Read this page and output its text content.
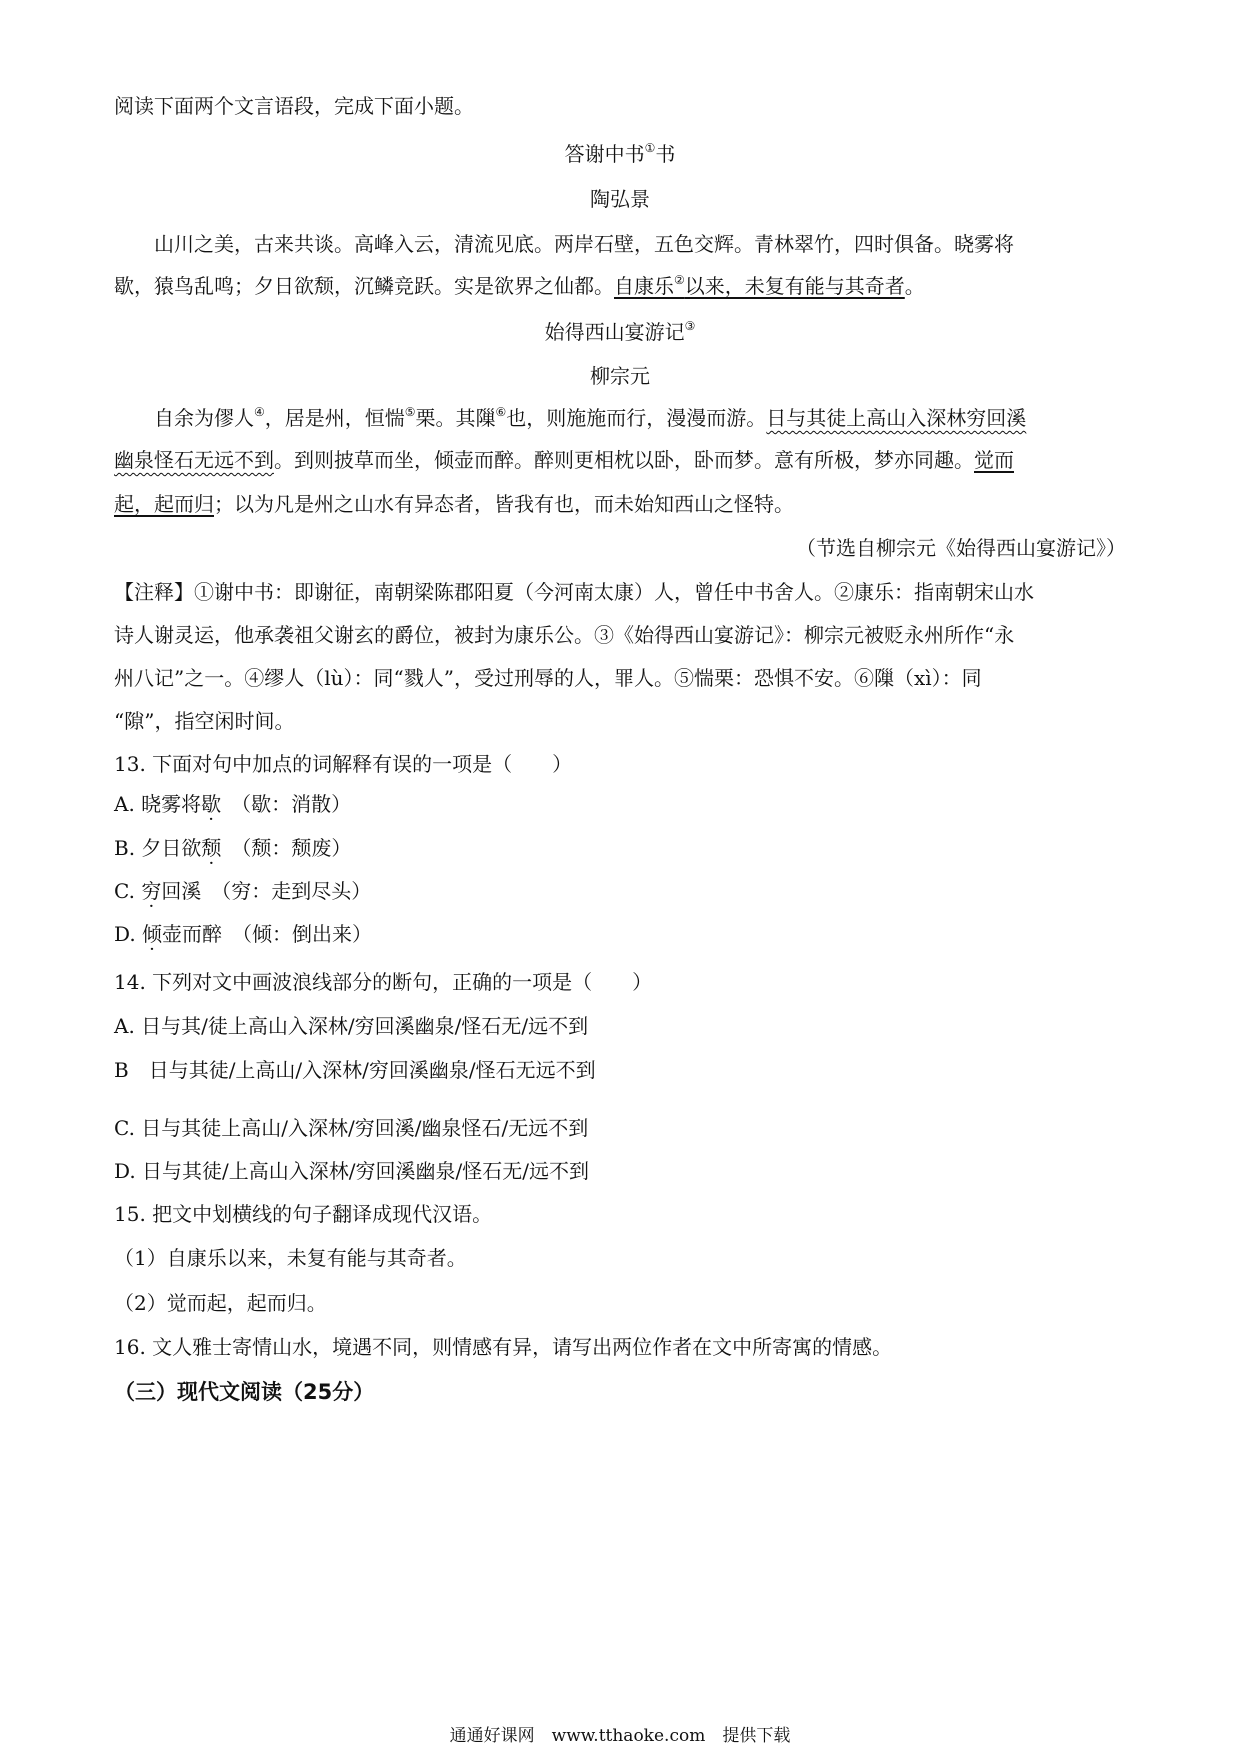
阅读下面两个文言语段，完成下面小题。
答谢中书①书
陶弘景
山川之美，古来共谈。高峰入云，清流见底。两岸石壁，五色交辉。青林翠竹，四时俱备。晓雾将
歇，猿鸟乱鸣；夕日欲颓，沉鳞竞跃。实是欲界之仙都。自康乐②以来，未复有能与其奇者。
始得西山宴游记③
柳宗元
自余为僇人④，居是州，恒惴⑤栗。其隟⑥也，则施施而行，漫漫而游。日与其徒上高山入深林穷回溪
幽泉怪石无远不到。到则披草而坐，倾壶而醉。醉则更相枕以卧，卧而梦。意有所极，梦亦同趣。觉而
起，起而归；以为凡是州之山水有异态者，皆我有也，而未始知西山之怪特。
（节选自柳宗元《始得西山宴游记》）
【注释】①谢中书：即谢征，南朝梁陈郡阳夏（今河南太康）人，曾任中书舍人。②康乐：指南朝宋山水
诗人谢灵运，他承袭祖父谢玄的爵位，被封为康乐公。③《始得西山宴游记》：柳宗元被贬永州所作“永
州八记”之一。④缪人（lù）：同“戮人”，受过刑辱的人，罪人。⑤惴栗：恐惧不安。⑥隟（xì）：同
“隙”，指空闲时间。
13. 下面对句中加点的词解释有误的一项是（　　）
A. 晓雾将歇　（歇：消散）
B. 夕日欲颓　（颓：颓废）
C. 穷回溪　（穷：走到尽头）
D. 倾壶而醉　（倾：倒出来）
14. 下列对文中画波浪线部分的断句，正确的一项是（　　）
A. 日与其/徒上高山入深林/穷回溪幽泉/怪石无/远不到
B　日与其徒/上高山/入深林/穷回溪幽泉/怪石无远不到
C. 日与其徒上高山/入深林/穷回溪/幽泉怪石/无远不到
D. 日与其徒/上高山入深林/穷回溪幽泉/怪石无/远不到
15. 把文中划横线的句子翻译成现代汉语。
（1）自康乐以来，未复有能与其奇者。
（2）觉而起，起而归。
16. 文人雅士寄情山水，境遇不同，则情感有异，请写出两位作者在文中所寄寓的情感。
（三）现代文阅读（25分）
通通好课网　www.tthaoke.com　提供下载
